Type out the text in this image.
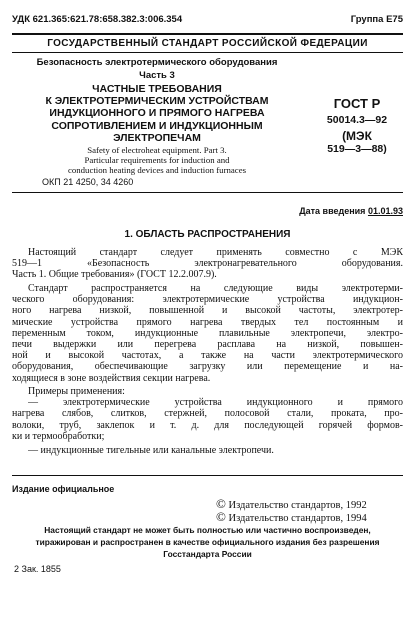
УДК 621.365:621.78:658.382.3:006.354	Группа Е75
ГОСУДАРСТВЕННЫЙ СТАНДАРТ РОССИЙСКОЙ ФЕДЕРАЦИИ
Безопасность электротермического оборудования
Часть 3
ЧАСТНЫЕ ТРЕБОВАНИЯ
К ЭЛЕКТРОТЕРМИЧЕСКИМ УСТРОЙСТВАМ
ИНДУКЦИОННОГО И ПРЯМОГО НАГРЕВА
СОПРОТИВЛЕНИЕМ И ИНДУКЦИОННЫМ
ЭЛЕКТРОПЕЧАМ
Safety of electroheat equipment. Part 3.
Particular requirements for induction and
conduction heating devices and induction furnaces
ОКП 21 4250, 34 4260
ГОСТ Р
50014.3—92
(МЭК
519—3—88)
Дата введения 01.01.93
1. ОБЛАСТЬ РАСПРОСТРАНЕНИЯ
Настоящий стандарт следует применять совместно с МЭК
519—1 «Безопасность электронагревательного оборудования.
Часть 1. Общие требования» (ГОСТ 12.2.007.9).
Стандарт распространяется на следующие виды электротерми-
ческого оборудования: электротермические устройства индукцион-
ного нагрева низкой, повышенной и высокой частоты, электротер-
мические устройства прямого нагрева твердых тел постоянным и
переменным током, индукционные плавильные электропечи, электро-
печи выдержки или перегрева расплава на низкой, повышен-
ной и высокой частотах, а также на части электротермического
оборудования, обеспечивающие загрузку или перемещение и на-
ходящиеся в зоне воздействия секции нагрева.
Примеры применения:
— электротермические устройства индукционного и прямого
нагрева слябов, слитков, стержней, полосовой стали, проката, про-
волоки, труб, заклепок и т. д. для последующей горячей формов-
ки и термообработки;
— индукционные тигельные или канальные электропечи.
Издание официальное
© Издательство стандартов, 1992
© Издательство стандартов, 1994
Настоящий стандарт не может быть полностью или частично воспроизведен,
тиражирован и распространен в качестве официального издания без разрешения
Госстандарта России
2 Зак. 1855
